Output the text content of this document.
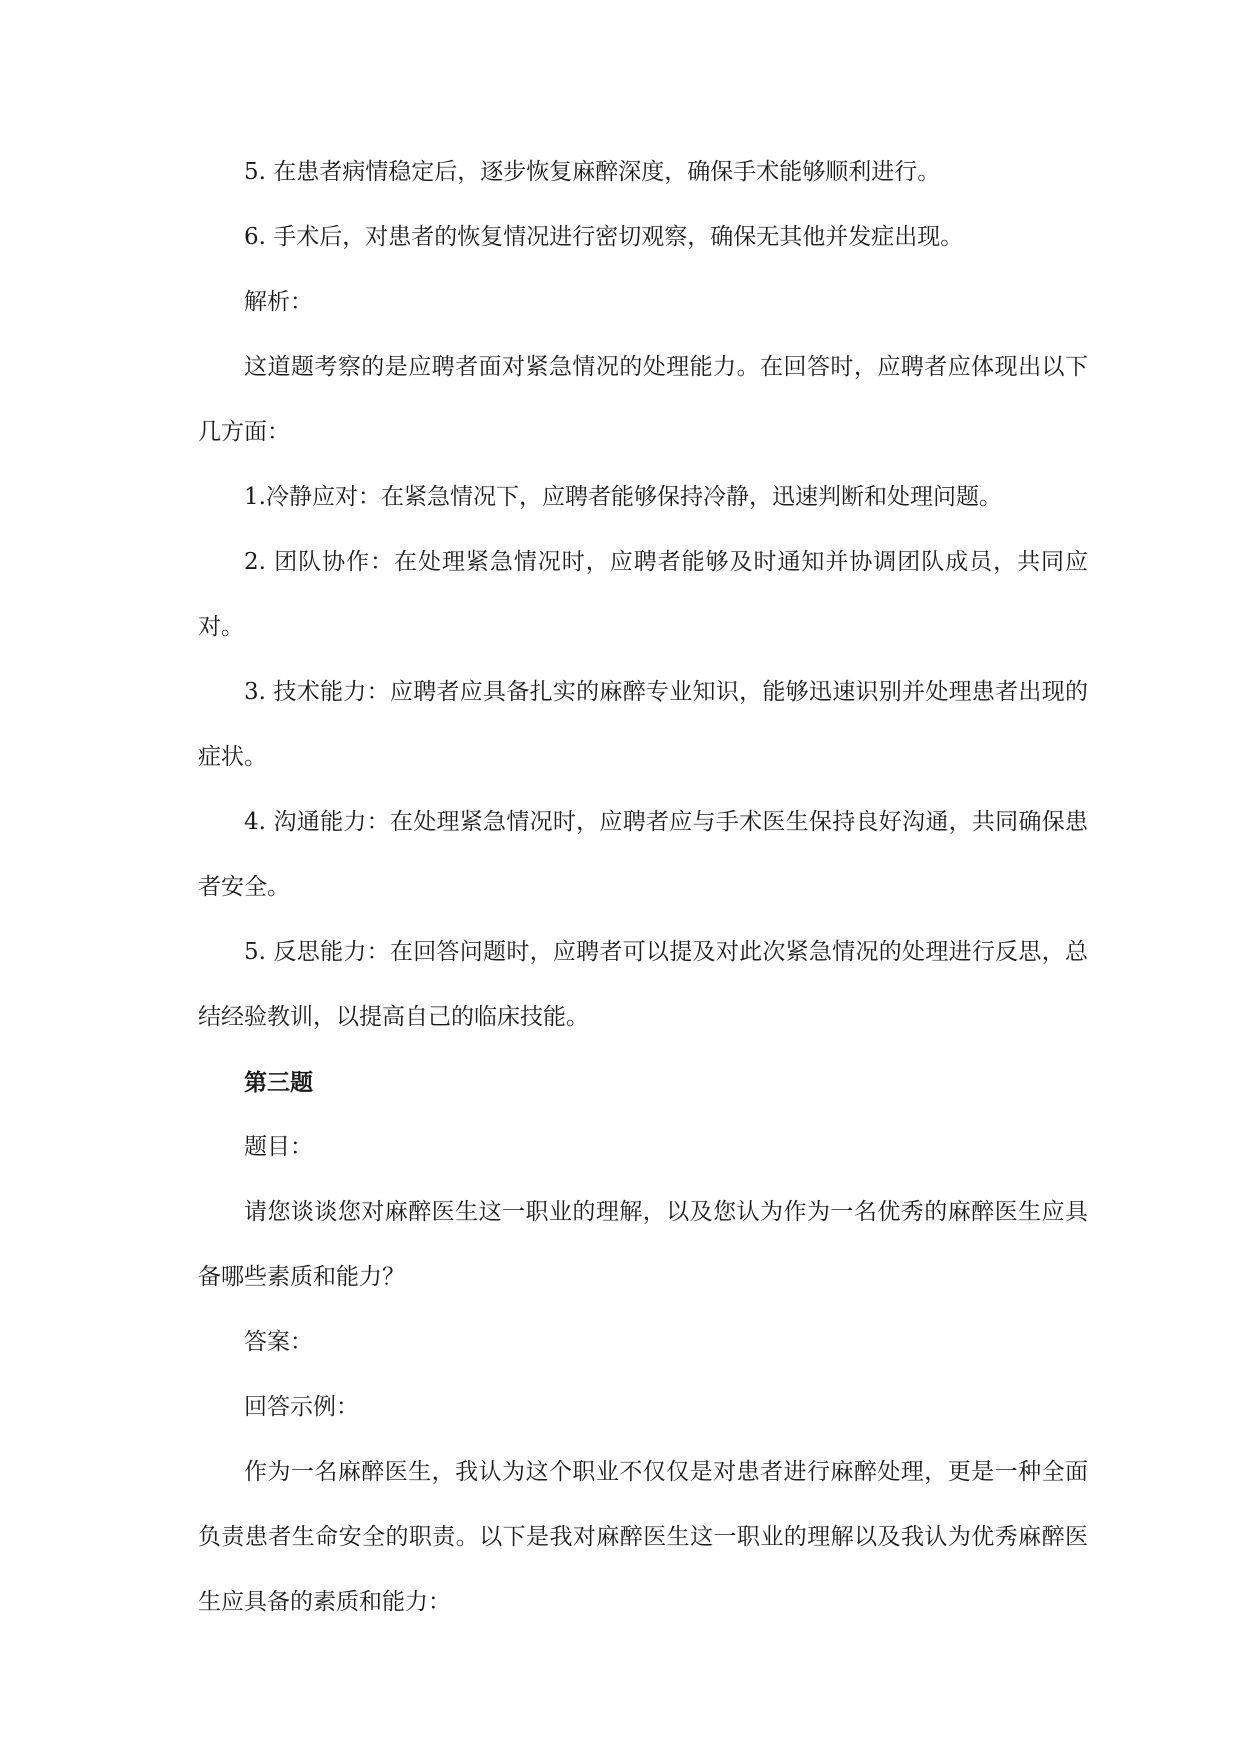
5. 在患者病情稳定后，逐步恢复麻醉深度，确保手术能够顺利进行。

6. 手术后，对患者的恢复情况进行密切观察，确保无其他并发症出现。

解析：

这道题考察的是应聘者面对紧急情况的处理能力。在回答时，应聘者应体现出以下几方面：

1.冷静应对：在紧急情况下，应聘者能够保持冷静，迅速判断和处理问题。

2. 团队协作：在处理紧急情况时，应聘者能够及时通知并协调团队成员，共同应对。

3. 技术能力：应聘者应具备扎实的麻醉专业知识，能够迅速识别并处理患者出现的症状。

4. 沟通能力：在处理紧急情况时，应聘者应与手术医生保持良好沟通，共同确保患者安全。

5. 反思能力：在回答问题时，应聘者可以提及对此次紧急情况的处理进行反思，总结经验教训，以提高自己的临床技能。

第三题

题目：

请您谈谈您对麻醉医生这一职业的理解，以及您认为作为一名优秀的麻醉医生应具备哪些素质和能力？

答案：

回答示例：

作为一名麻醉医生，我认为这个职业不仅仅是对患者进行麻醉处理，更是一种全面负责患者生命安全的职责。以下是我对麻醉医生这一职业的理解以及我认为优秀麻醉医生应具备的素质和能力：
